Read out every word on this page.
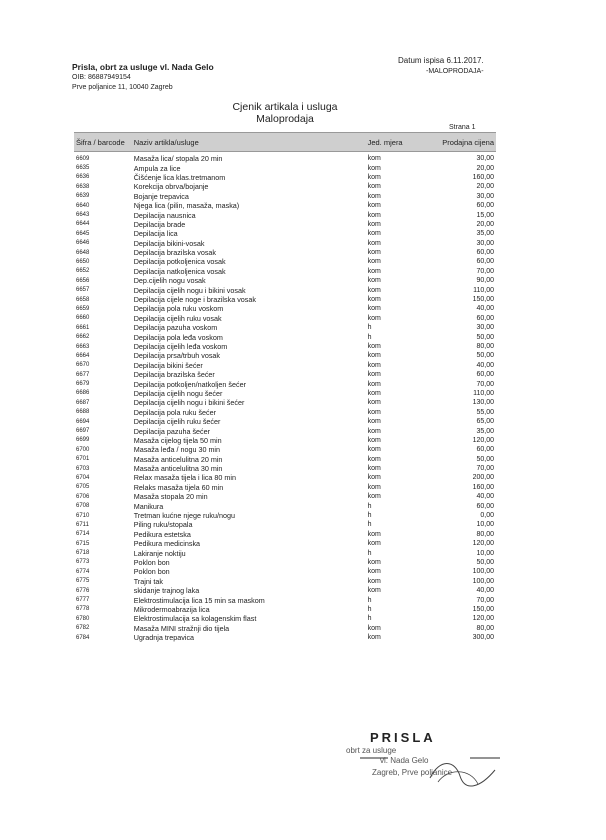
Prisla, obrt za usluge vl. Nada Gelo
OIB: 86887949154
Prve poljanice 11, 10040 Zagreb
Datum ispisa 6.11.2017.
-MALOPRODAJA-
Cjenik artikala i usluga
Maloprodaja
Strana 1
Šifra / barcode	Naziv artikla/usluge	Jed. mjera	Prodajna cijena
6609	Masaža lica/ stopala 20 min	kom	30,00
6635	Ampula za lice	kom	20,00
6636	Čišćenje lica klas.tretmanom	kom	160,00
6638	Korekcija obrva/bojanje	kom	20,00
6639	Bojanje trepavica	kom	30,00
6640	Njega lica (pilin, masaža, maska)	kom	60,00
6643	Depilacija nausnica	kom	15,00
6644	Depilacija brade	kom	20,00
6645	Depilacija lica	kom	35,00
6646	Depilacija bikini-vosak	kom	30,00
6648	Depilacija brazilska vosak	kom	60,00
6650	Depilacija potkoljenica vosak	kom	60,00
6652	Depilacija natkoljenica vosak	kom	70,00
6656	Dep.cijelih nogu vosak	kom	90,00
6657	Depilacija cijelih nogu i bikini vosak	kom	110,00
6658	Depilacija cijele noge i brazilska vosak	kom	150,00
6659	Depilacija pola ruku voskom	kom	40,00
6660	Depilacija cijelih ruku vosak	kom	60,00
6661	Depilacija pazuha voskom	h	30,00
6662	Depilacija pola leđa voskom	h	50,00
6663	Depilacija cijelih leđa voskom	kom	80,00
6664	Depilacija prsa/trbuh vosak	kom	50,00
6670	Depilacija bikini šećer	kom	40,00
6677	Depilacija brazilska šećer	kom	60,00
6679	Depilacija potkoljen/natkoljen šećer	kom	70,00
6686	Depilacija cijelih nogu šećer	kom	110,00
6687	Depilacija cijelih nogu i bikini šećer	kom	130,00
6688	Depilacija pola ruku šećer	kom	55,00
6694	Depilacija cijelih ruku šećer	kom	65,00
6697	Depilacija pazuha šećer	kom	35,00
6699	Masaža cijelog tijela 50 min	kom	120,00
6700	Masaža leđa / nogu 30 min	kom	60,00
6701	Masaža anticelulitna 20 min	kom	50,00
6703	Masaža anticelulitna 30 min	kom	70,00
6704	Relax masaža tijela i lica 80 min	kom	200,00
6705	Relaks masaža tijela 60 min	kom	160,00
6706	Masaža stopala 20 min	kom	40,00
6708	Manikura	h	60,00
6710	Tretman kućne njege ruku/nogu	h	0,00
6711	Piling ruku/stopala	h	10,00
6714	Pedikura estetska	kom	80,00
6715	Pedikura medicinska	kom	120,00
6718	Lakiranje noktiju	h	10,00
6773	Poklon bon	kom	50,00
6774	Poklon bon	kom	100,00
6775	Trajni tak	kom	100,00
6776	skidanje trajnog laka	kom	40,00
6777	Elektrostimulacija lica 15 min sa maskom	h	70,00
6778	Mikrodermoabrazija lica	h	150,00
6780	Elektrostimulacija sa kolagenskim flast	h	120,00
6782	Masaža MINI stražnji dio tijela	kom	80,00
6784	Ugradnja trepavica	kom	300,00
PRISLA
obrt za usluge
vl. Nada Gelo
Zagreb, Prve poljanice
